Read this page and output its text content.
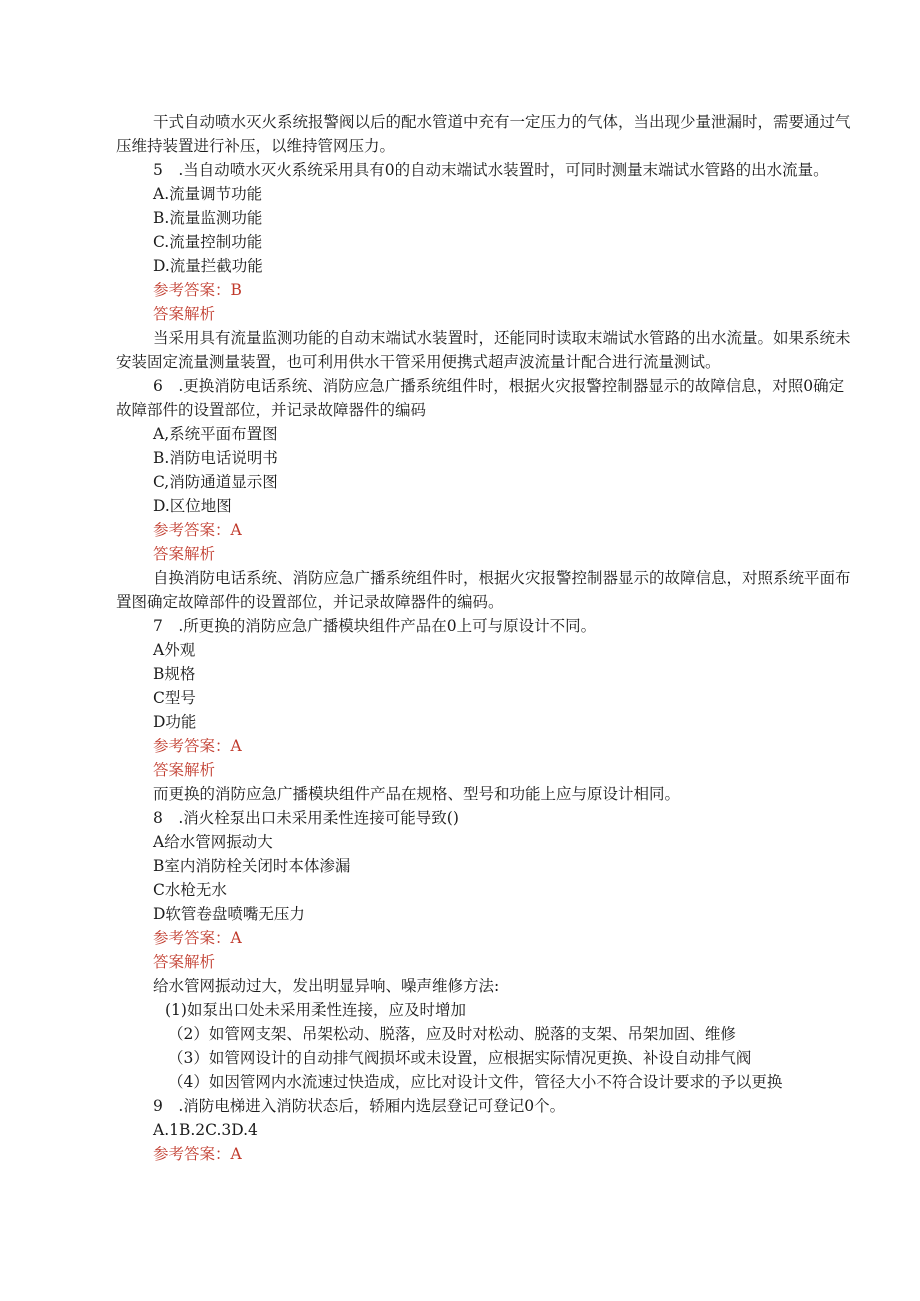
干式自动喷水灭火系统报警阀以后的配水管道中充有一定压力的气体，当出现少量泄漏时，需要通过气压维持装置进行补压，以维持管网压力。

5　.当自动喷水灭火系统采用具有0的自动末端试水装置时，可同时测量末端试水管路的出水流量。

A.流量调节功能

B.流量监测功能

C.流量控制功能

D.流量拦截功能

参考答案：B

答案解析

当采用具有流量监测功能的自动末端试水装置时，还能同时读取末端试水管路的出水流量。如果系统未安装固定流量测量装置，也可利用供水干管采用便携式超声波流量计配合进行流量测试。

6　.更换消防电话系统、消防应急广播系统组件时，根据火灾报警控制器显示的故障信息，对照0确定故障部件的设置部位，并记录故障器件的编码

A,系统平面布置图

B.消防电话说明书

C,消防通道显示图

D.区位地图

参考答案：A

答案解析

自换消防电话系统、消防应急广播系统组件时，根据火灾报警控制器显示的故障信息，对照系统平面布置图确定故障部件的设置部位，并记录故障器件的编码。

7　.所更换的消防应急广播模块组件产品在0上可与原设计不同。

A外观

B规格

C型号

D功能

参考答案：A

答案解析

而更换的消防应急广播模块组件产品在规格、型号和功能上应与原设计相同。

8　.消火栓泵出口未采用柔性连接可能导致()

A给水管网振动大

B室内消防栓关闭时本体渗漏

C水枪无水

D软管卷盘喷嘴无压力

参考答案：A

答案解析

给水管网振动过大，发出明显异响、噪声维修方法:

(1)如泵出口处未采用柔性连接，应及时增加

（2）如管网支架、吊架松动、脱落，应及时对松动、脱落的支架、吊架加固、维修

（3）如管网设计的自动排气阀损坏或未设置，应根据实际情况更换、补设自动排气阀

（4）如因管网内水流速过快造成，应比对设计文件，管径大小不符合设计要求的予以更换

9　.消防电梯进入消防状态后，轿厢内选层登记可登记0个。

A.1B.2C.3D.4

参考答案：A
